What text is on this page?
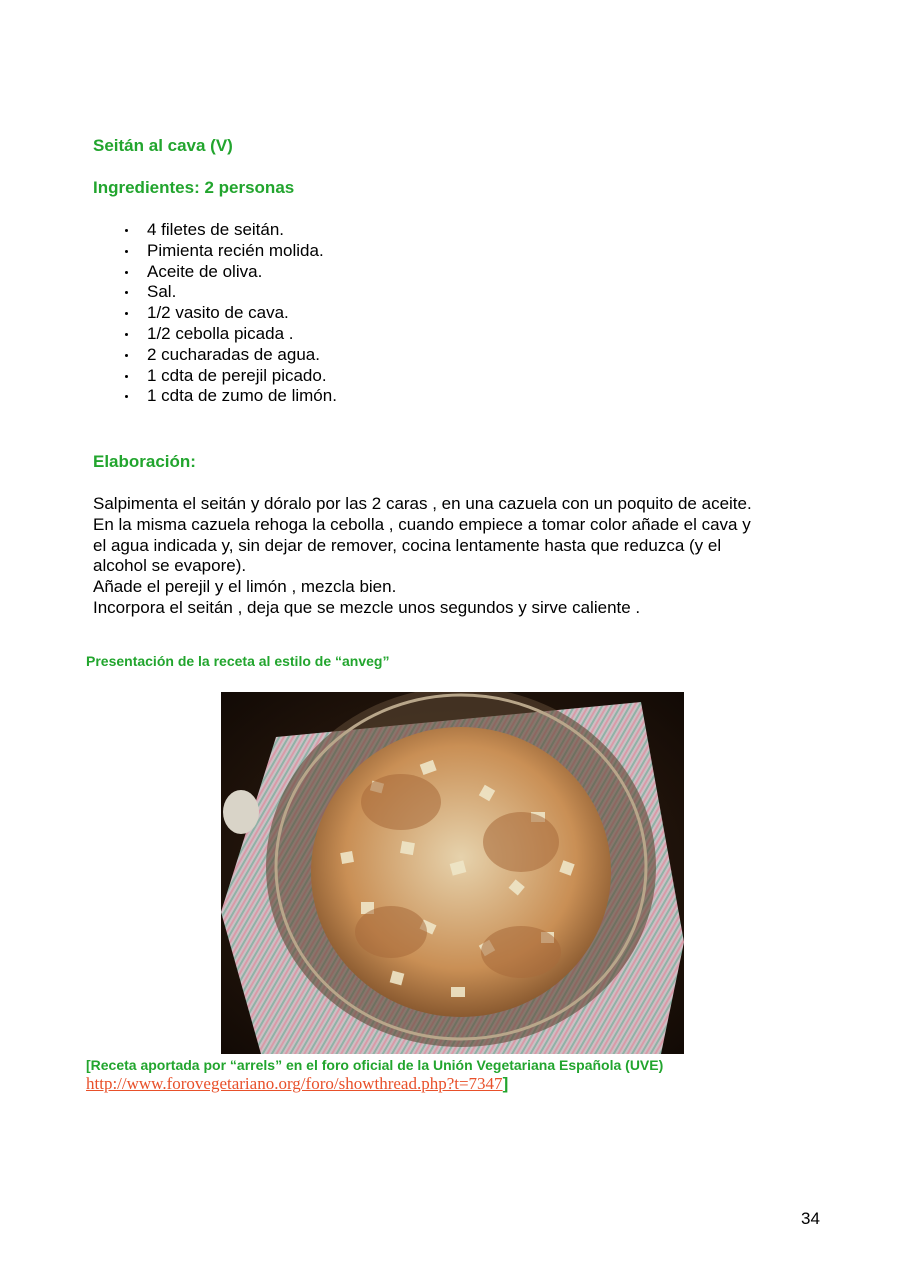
Seitán al cava (V)
Ingredientes: 2 personas
4 filetes de seitán.
Pimienta recién molida.
Aceite de oliva.
Sal.
1/2 vasito de cava.
1/2 cebolla picada .
2 cucharadas de agua.
1 cdta de perejil picado.
1 cdta de zumo de limón.
Elaboración:

Salpimenta el seitán y dóralo por las 2 caras , en una cazuela con un poquito de aceite.

En la misma cazuela rehoga la cebolla , cuando empiece a tomar color añade el cava y

el agua indicada y, sin dejar de remover, cocina lentamente hasta que reduzca (y el

alcohol se evapore).

Añade el perejil y el limón , mezcla bien.

Incorpora el seitán , deja que se mezcle unos segundos y sirve caliente .

Presentación de la receta al estilo de “anveg”
[Receta aportada por “arrels” en el foro oficial de la Unión Vegetariana Española (UVE)
http://www.forovegetariano.org/foro/showthread.php?t=7347]
34
